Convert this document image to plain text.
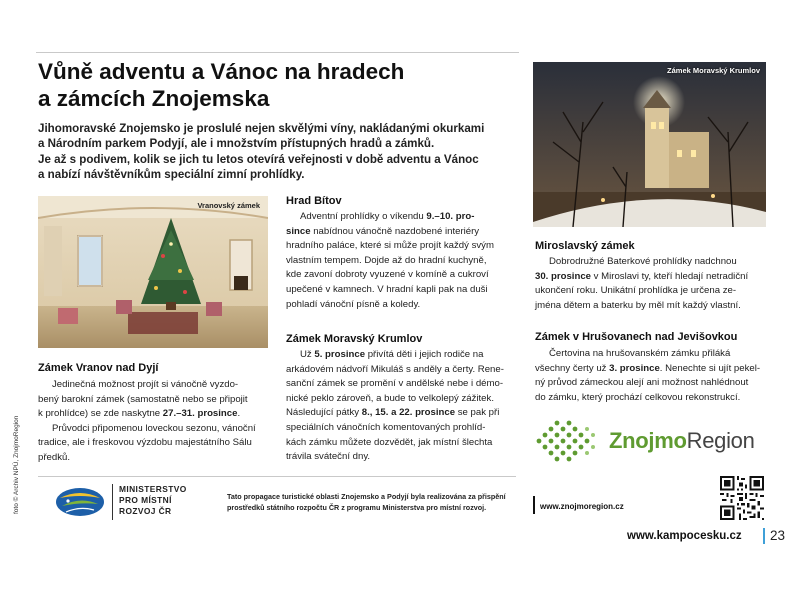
Vůně adventu a Vánoc na hradech
a zámcích Znojemska

Jihomoravské Znojemsko je proslulé nejen skvělými víny, nakládanými okurkami
a Národním parkem Podyjí, ale i množstvím přístupných hradů a zámků.
Je až s podivem, kolik se jich tu letos otevírá veřejnosti v době adventu a Vánoc
a nabízí návštěvníkům speciální zimní prohlídky.

Vranovský zámek
Zámek Moravský Krumlov
Zámek Vranov nad Dyjí

Jedinečná možnost projít si vánočně vyzdo-
bený barokní zámek (samostatně nebo se připojit
k prohlídce) se zde naskytne 27.–31. prosince.
Průvodci připomenou loveckou sezonu, vánoční
tradice, ale i freskovou výzdobu majestátního Sálu
předků.

Hrad Bítov

Adventní prohlídky o víkendu 9.–10. pro-
since nabídnou vánočně nazdobené interiéry
hradního paláce, které si může projít každý svým
vlastním tempem. Dojde až do hradní kuchyně,
kde zavoní dobroty vyuzené v komíně a cukroví
upečené v kamnech. V hradní kapli pak na duši
pohladí vánoční písně a koledy.

Zámek Moravský Krumlov

Už 5. prosince přivítá děti i jejich rodiče na
arkádovém nádvoří Mikuláš s anděly a čerty. Rene-
sanční zámek se promění v andělské nebe i démo-
nické peklo zároveň, a bude to velkolepý zážitek.
Následující pátky 8., 15. a 22. prosince se pak při
speciálních vánočních komentovaných prohlíd-
kách zámku můžete dozvědět, jak místní šlechta
trávila sváteční dny.

Miroslavský zámek

Dobrodružné Baterkové prohlídky nadchnou
30. prosince v Miroslavi ty, kteří hledají netradiční
ukončení roku. Unikátní prohlídka je určena ze-
jména dětem a baterku by měl mít každý vlastní.

Zámek v Hrušovanech nad Jevišovkou

Čertovina na hrušovanském zámku přiláká
všechny čerty už 3. prosince. Nenechte si ujít pekel-
ný průvod zámeckou alejí ani možnost nahlédnout
do zámku, který prochází celkovou rekonstrukcí.

ZnojmoRegion
MINISTERSTVO
PRO MÍSTNÍ
ROZVOJ ČR
Tato propagace turistické oblasti Znojemsko a Podyjí byla realizována za přispění
prostředků státního rozpočtu ČR z programu Ministerstva pro místní rozvoj.	www.znojmoregion.cz
foto © Archiv NPÚ, ZnojmoRegion
www.kampocesku.cz 23
